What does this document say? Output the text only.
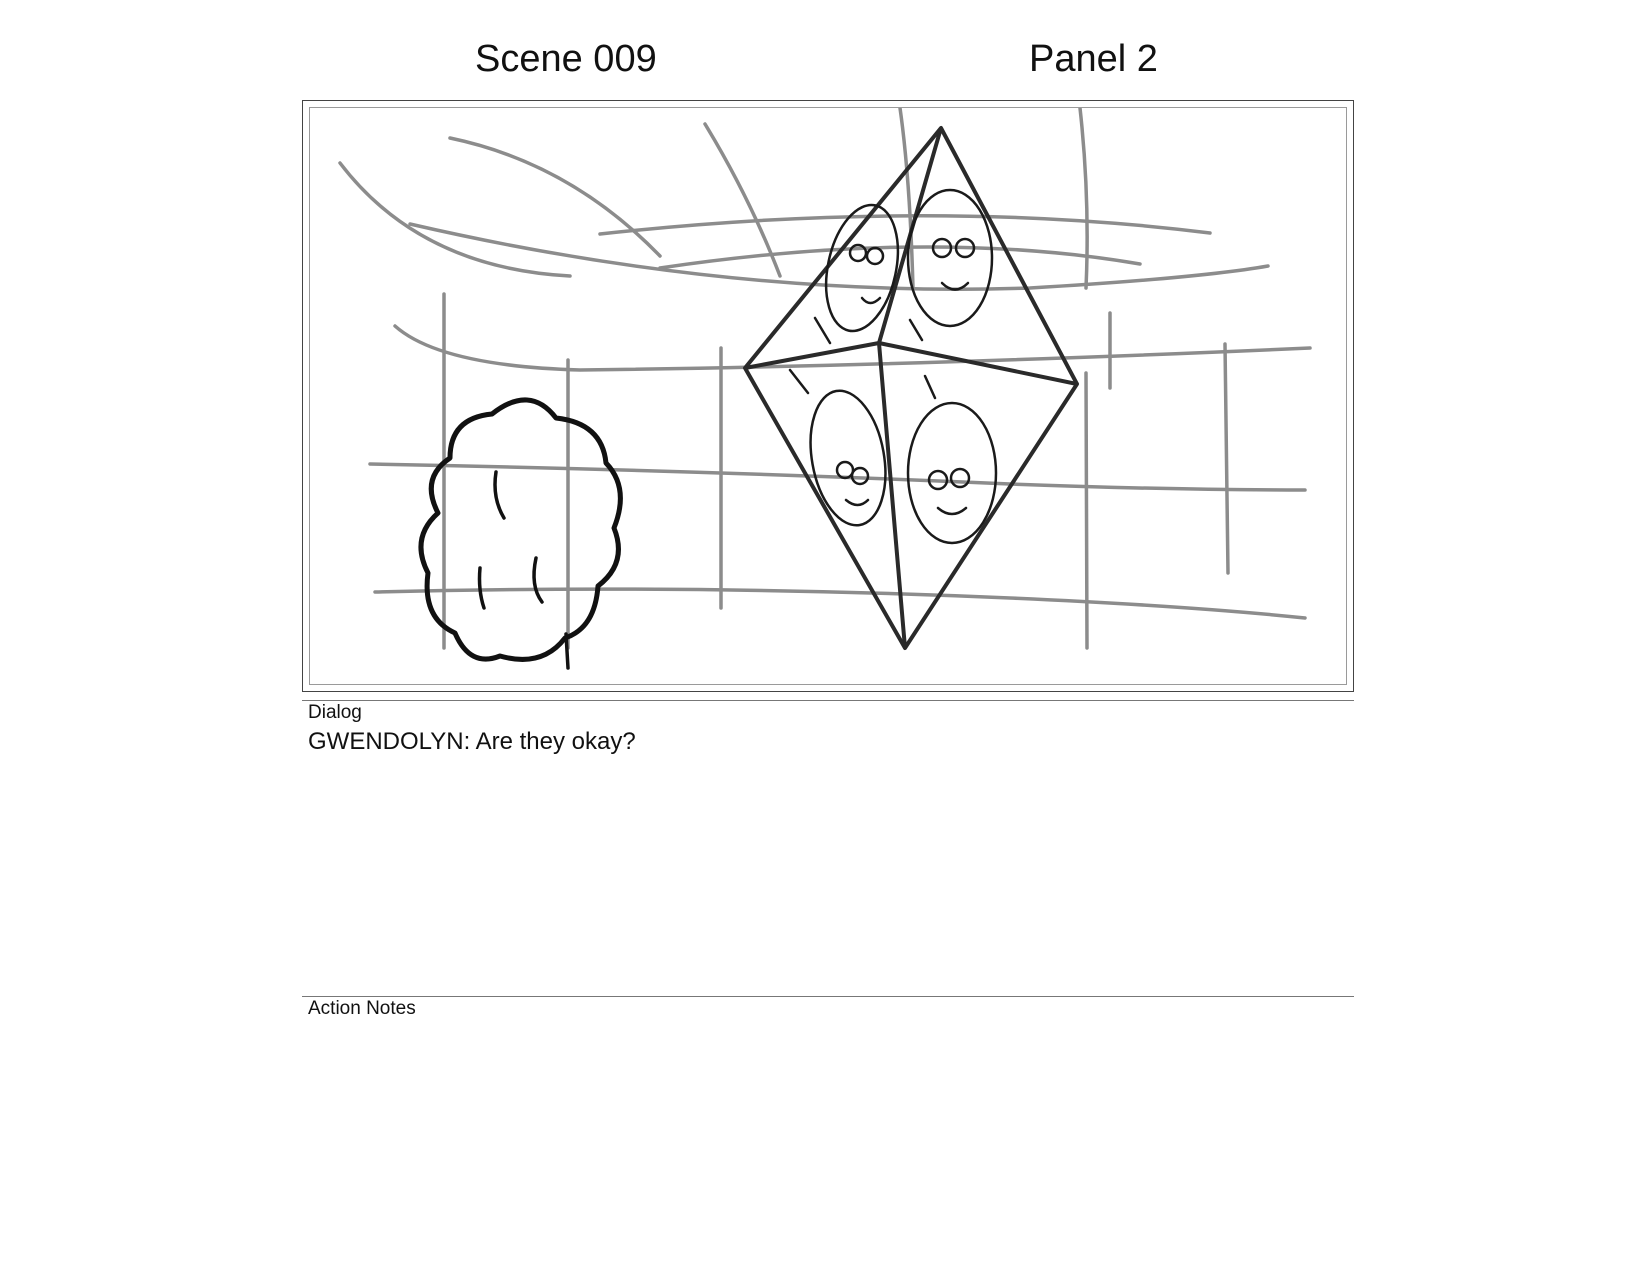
Scene 009	Panel 2
Dialog
GWENDOLYN: Are they okay?
Action Notes
